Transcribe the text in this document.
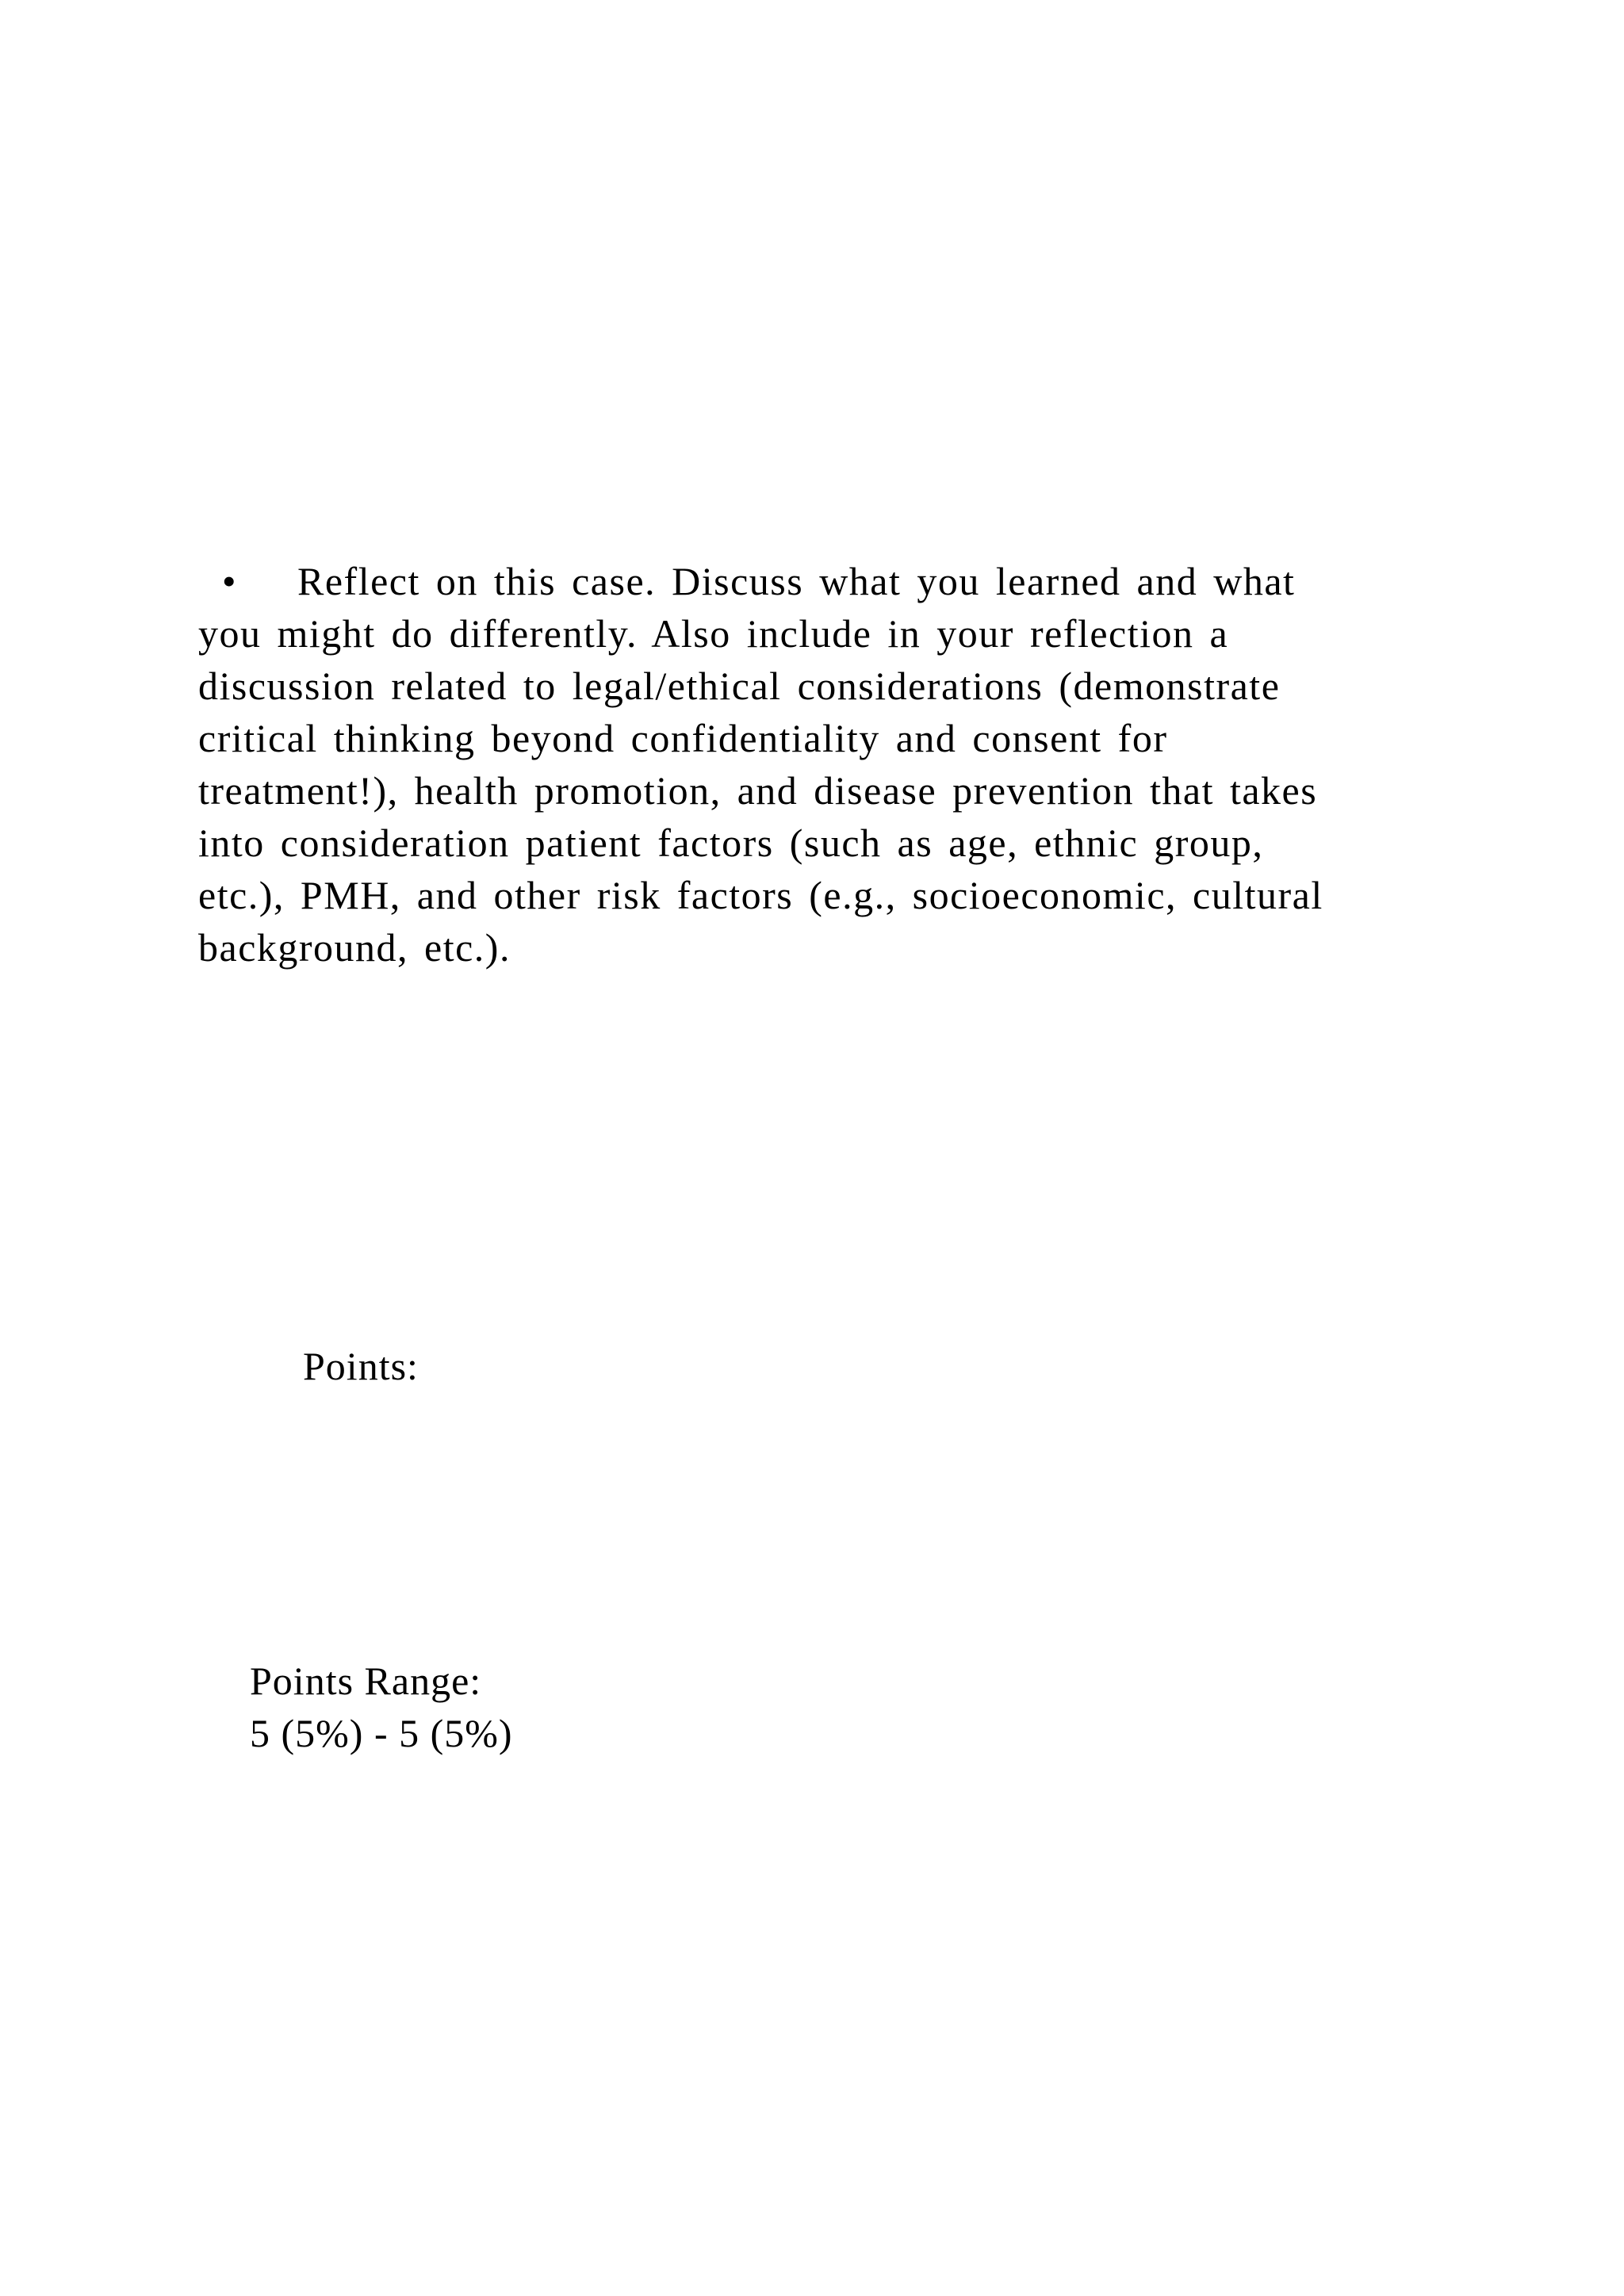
• Reflect on this case. Discuss what you learned and what
you might do differently. Also include in your reflection a
discussion related to legal/ethical considerations (demonstrate
critical thinking beyond confidentiality and consent for
treatment!), health promotion, and disease prevention that takes
into consideration patient factors (such as age, ethnic group,
etc.), PMH, and other risk factors (e.g., socioeconomic, cultural
background, etc.).
Points:
Points Range:
5 (5%) - 5 (5%)
